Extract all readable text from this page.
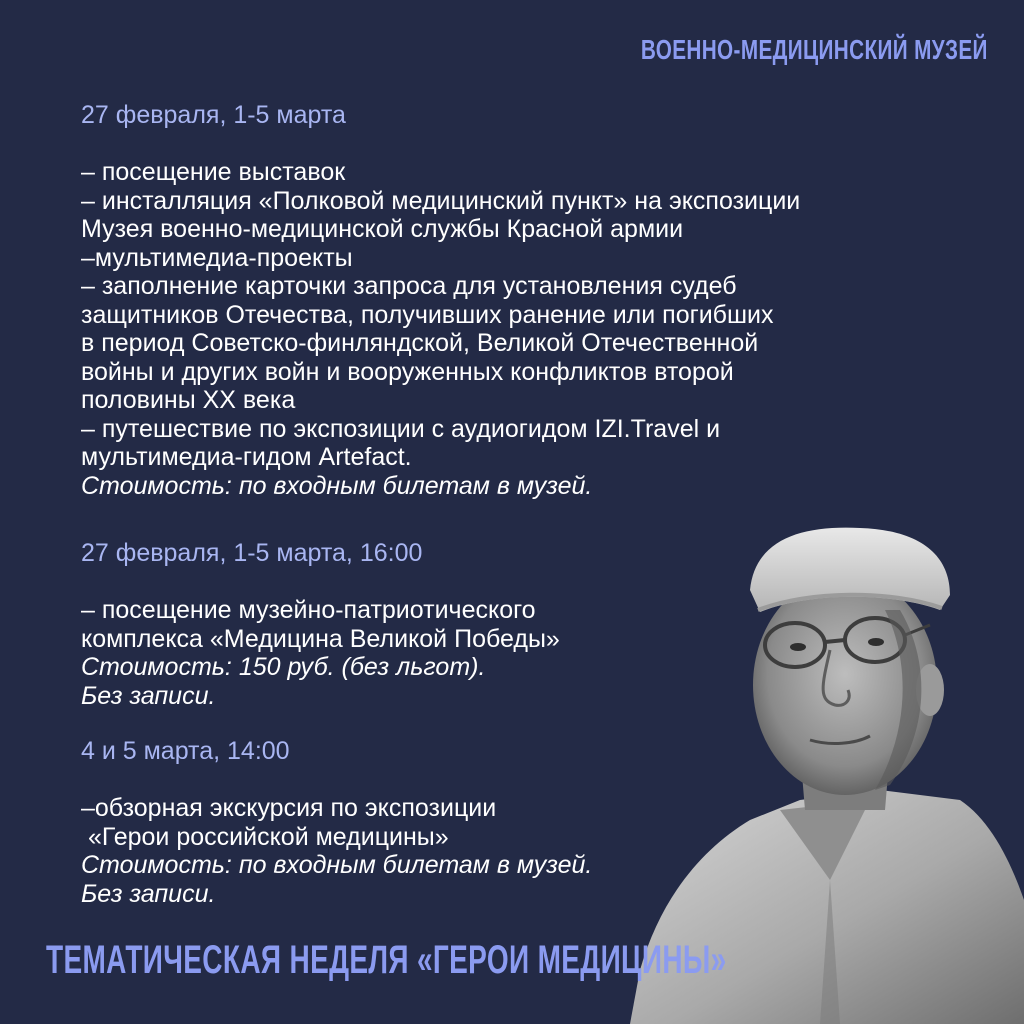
ВОЕННО-МЕДИЦИНСКИЙ МУЗЕЙ
27 февраля, 1-5 марта
– посещение выставок
– инсталляция «Полковой медицинский пункт» на экспозиции
Музея военно-медицинской службы Красной армии
–мультимедиа-проекты
– заполнение карточки запроса для установления судеб
защитников Отечества, получивших ранение или погибших
в период Советско-финляндской, Великой Отечественной
войны и других войн и вооруженных конфликтов второй
половины XX века
– путешествие по экспозиции с аудиогидом IZI.Travel и
мультимедиа-гидом Artefact.
Стоимость: по входным билетам в музей.
27 февраля, 1-5 марта, 16:00
– посещение музейно-патриотического
комплекса «Медицина Великой Победы»
Стоимость: 150 руб. (без льгот).
Без записи.
4 и 5 марта, 14:00
–обзорная экскурсия по экспозиции
«Герои российской медицины»
Стоимость: по входным билетам в музей.
Без записи.
ТЕМАТИЧЕСКАЯ НЕДЕЛЯ «ГЕРОИ МЕДИЦИНЫ»
